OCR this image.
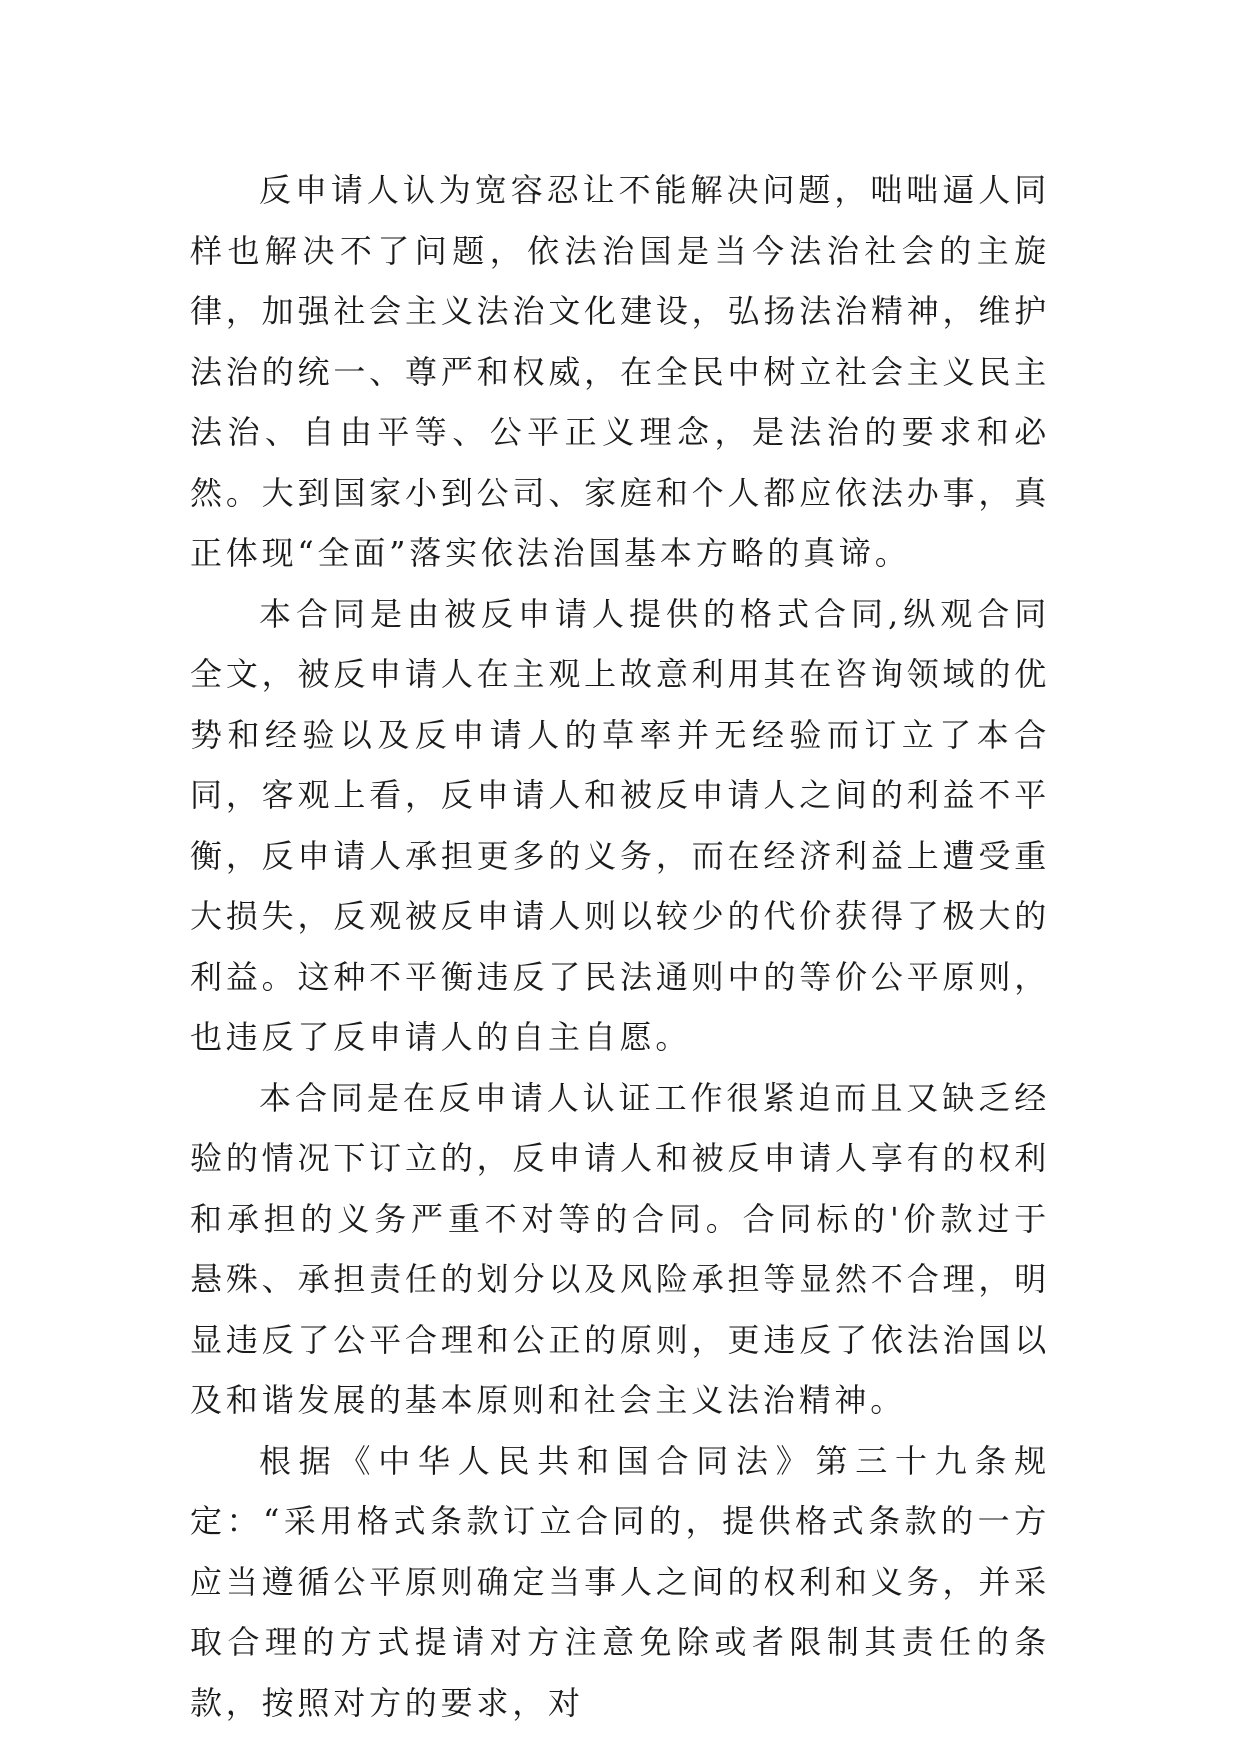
反申请人认为宽容忍让不能解决问题，咄咄逼人同样也解决不了问题，依法治国是当今法治社会的主旋律，加强社会主义法治文化建设，弘扬法治精神，维护法治的统一、尊严和权威，在全民中树立社会主义民主法治、自由平等、公平正义理念，是法治的要求和必然。大到国家小到公司、家庭和个人都应依法办事，真正体现“全面”落实依法治国基本方略的真谛。

本合同是由被反申请人提供的格式合同,纵观合同全文，被反申请人在主观上故意利用其在咨询领域的优势和经验以及反申请人的草率并无经验而订立了本合同，客观上看，反申请人和被反申请人之间的利益不平衡，反申请人承担更多的义务，而在经济利益上遭受重大损失，反观被反申请人则以较少的代价获得了极大的利益。这种不平衡违反了民法通则中的等价公平原则，也违反了反申请人的自主自愿。

本合同是在反申请人认证工作很紧迫而且又缺乏经验的情况下订立的，反申请人和被反申请人享有的权利和承担的义务严重不对等的合同。合同标的'价款过于悬殊、承担责任的划分以及风险承担等显然不合理，明显违反了公平合理和公正的原则，更违反了依法治国以及和谐发展的基本原则和社会主义法治精神。

根据《中华人民共和国合同法》第三十九条规定：“采用格式条款订立合同的，提供格式条款的一方应当遵循公平原则确定当事人之间的权利和义务，并采取合理的方式提请对方注意免除或者限制其责任的条款，按照对方的要求，对
